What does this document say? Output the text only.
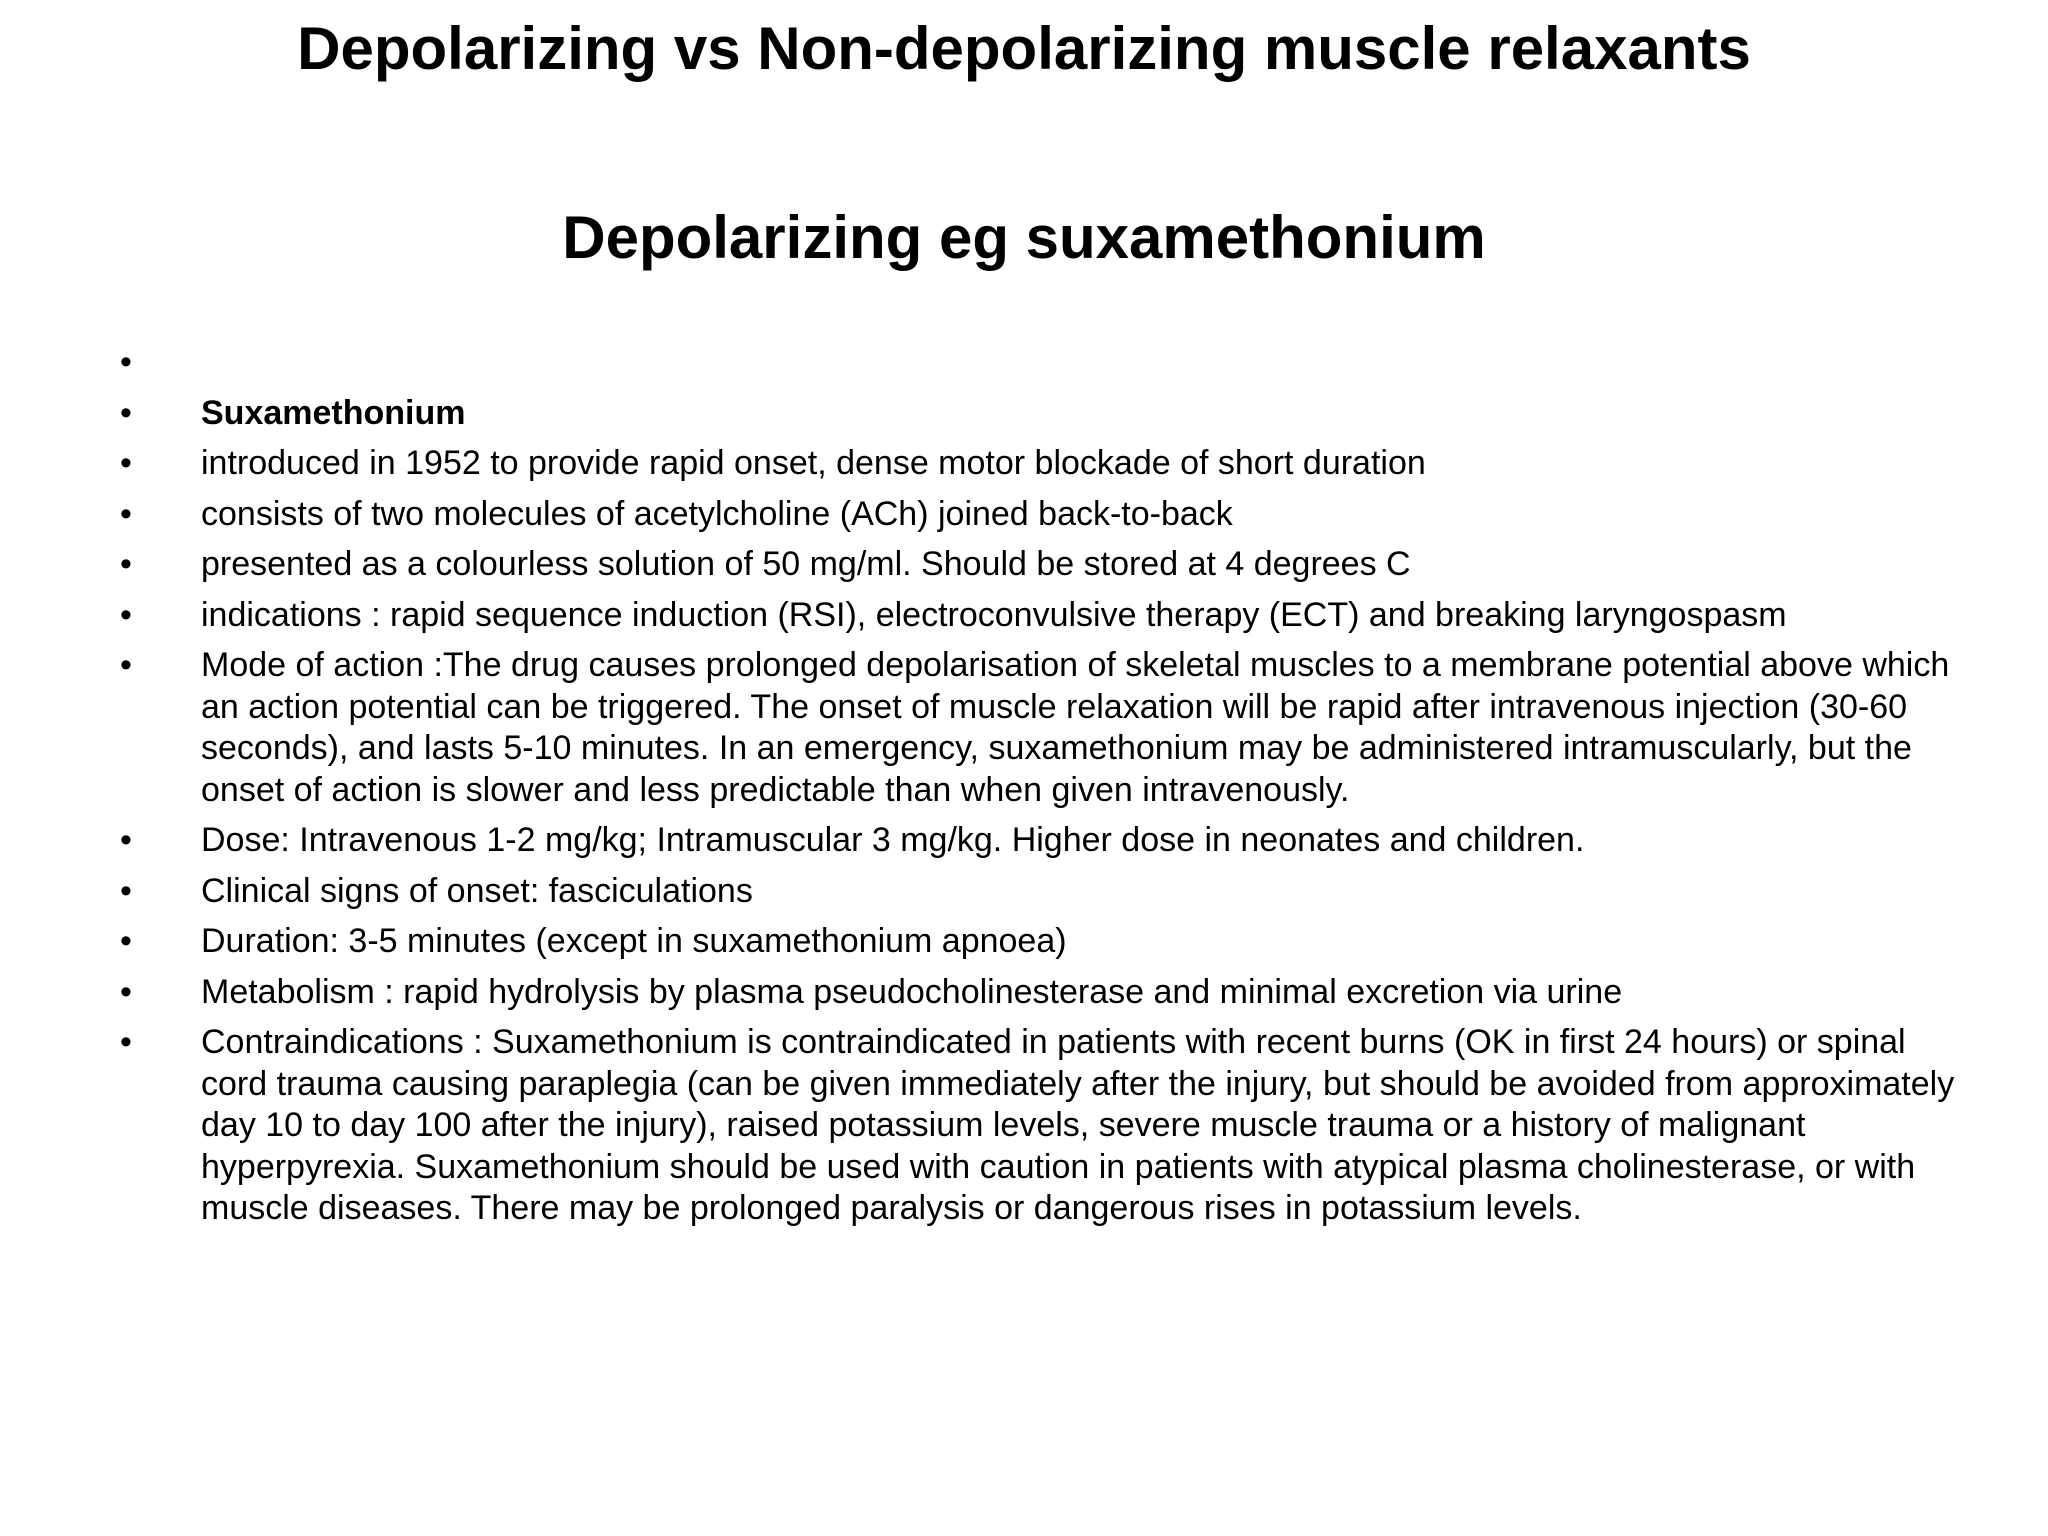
Depolarizing vs Non-depolarizing muscle relaxants
Depolarizing eg suxamethonium
•

•	Suxamethonium
•	introduced in 1952 to provide rapid onset, dense motor blockade of short duration
•	consists of two molecules of acetylcholine (ACh) joined back-to-back
•	presented as a colourless solution of 50 mg/ml. Should be stored at 4 degrees C
•	indications : rapid sequence induction (RSI), electroconvulsive therapy (ECT) and breaking laryngospasm
•	Mode of action :The drug causes prolonged depolarisation of skeletal muscles to a membrane potential above which an action potential can be triggered. The onset of muscle relaxation will be rapid after intravenous injection (30-60 seconds), and lasts 5-10 minutes. In an emergency, suxamethonium may be administered intramuscularly, but the onset of action is slower and less predictable than when given intravenously.
•	Dose: Intravenous 1-2 mg/kg; Intramuscular 3 mg/kg. Higher dose in neonates and children.
•	Clinical signs of onset: fasciculations
•	Duration: 3-5 minutes (except in suxamethonium apnoea)
•	Metabolism : rapid hydrolysis by plasma pseudocholinesterase and minimal excretion via urine
•	Contraindications : Suxamethonium is contraindicated in patients with recent burns (OK in first 24 hours) or spinal cord trauma causing paraplegia (can be given immediately after the injury, but should be avoided from approximately day 10 to day 100 after the injury), raised potassium levels, severe muscle trauma or a history of malignant hyperpyrexia. Suxamethonium should be used with caution in patients with atypical plasma cholinesterase, or with muscle diseases. There may be prolonged paralysis or dangerous rises in potassium levels.
